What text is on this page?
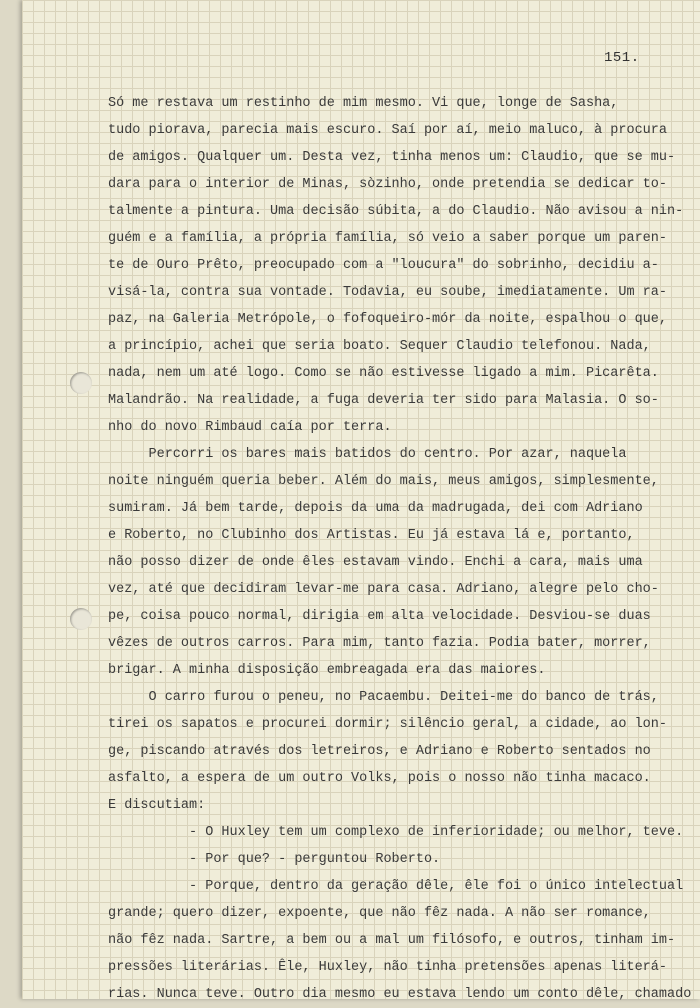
151.
Só me restava um restinho de mim mesmo. Vi que, longe de Sasha,
tudo piorava, parecia mais escuro. Saí por aí, meio maluco, à procura
de amigos. Qualquer um. Desta vez, tinha menos um: Claudio, que se mu-
dara para o interior de Minas, sòzinho, onde pretendia se dedicar to-
talmente a pintura. Uma decisão súbita, a do Claudio. Não avisou a nin-
guém e a família, a própria família, só veio a saber porque um paren-
te de Ouro Prêto, preocupado com a "loucura" do sobrinho, decidiu a-
visá-la, contra sua vontade. Todavia, eu soube, imediatamente. Um ra-
paz, na Galeria Metrópole, o fofoqueiro-mór da noite, espalhou o que,
a princípio, achei que seria boato. Sequer Claudio telefonou. Nada,
nada, nem um até logo. Como se não estivesse ligado a mim. Picarêta.
Malandrão. Na realidade, a fuga deveria ter sido para Malasia. O so-
nho do novo Rimbaud caía por terra.
Percorri os bares mais batidos do centro. Por azar, naquela
noite ninguém queria beber. Além do mais, meus amigos, simplesmente,
sumiram. Já bem tarde, depois da uma da madrugada, dei com Adriano
e Roberto, no Clubinho dos Artistas. Eu já estava lá e, portanto,
não posso dizer de onde êles estavam vindo. Enchi a cara, mais uma
vez, até que decidiram levar-me para casa. Adriano, alegre pelo cho-
pe, coisa pouco normal, dirigia em alta velocidade. Desviou-se duas
vêzes de outros carros. Para mim, tanto fazia. Podia bater, morrer,
brigar. A minha disposição embreagada era das maiores.
O carro furou o peneu, no Pacaembu. Deitei-me do banco de trás,
tirei os sapatos e procurei dormir; silêncio geral, a cidade, ao lon-
ge, piscando através dos letreiros, e Adriano e Roberto sentados no
asfalto, a espera de um outro Volks, pois o nosso não tinha macaco.
E discutiam:
- O Huxley tem um complexo de inferioridade; ou melhor, teve.
- Por que? - perguntou Roberto.
- Porque, dentro da geração dêle, êle foi o único intelectual
grande; quero dizer, expoente, que não fêz nada. A não ser romance,
não fêz nada. Sartre, a bem ou a mal um filósofo, e outros, tinham im-
pressões literárias. Êle, Huxley, não tinha pretensões apenas literá-
rias. Nunca teve. Outro dia mesmo eu estava lendo um conto dêle, chamado
